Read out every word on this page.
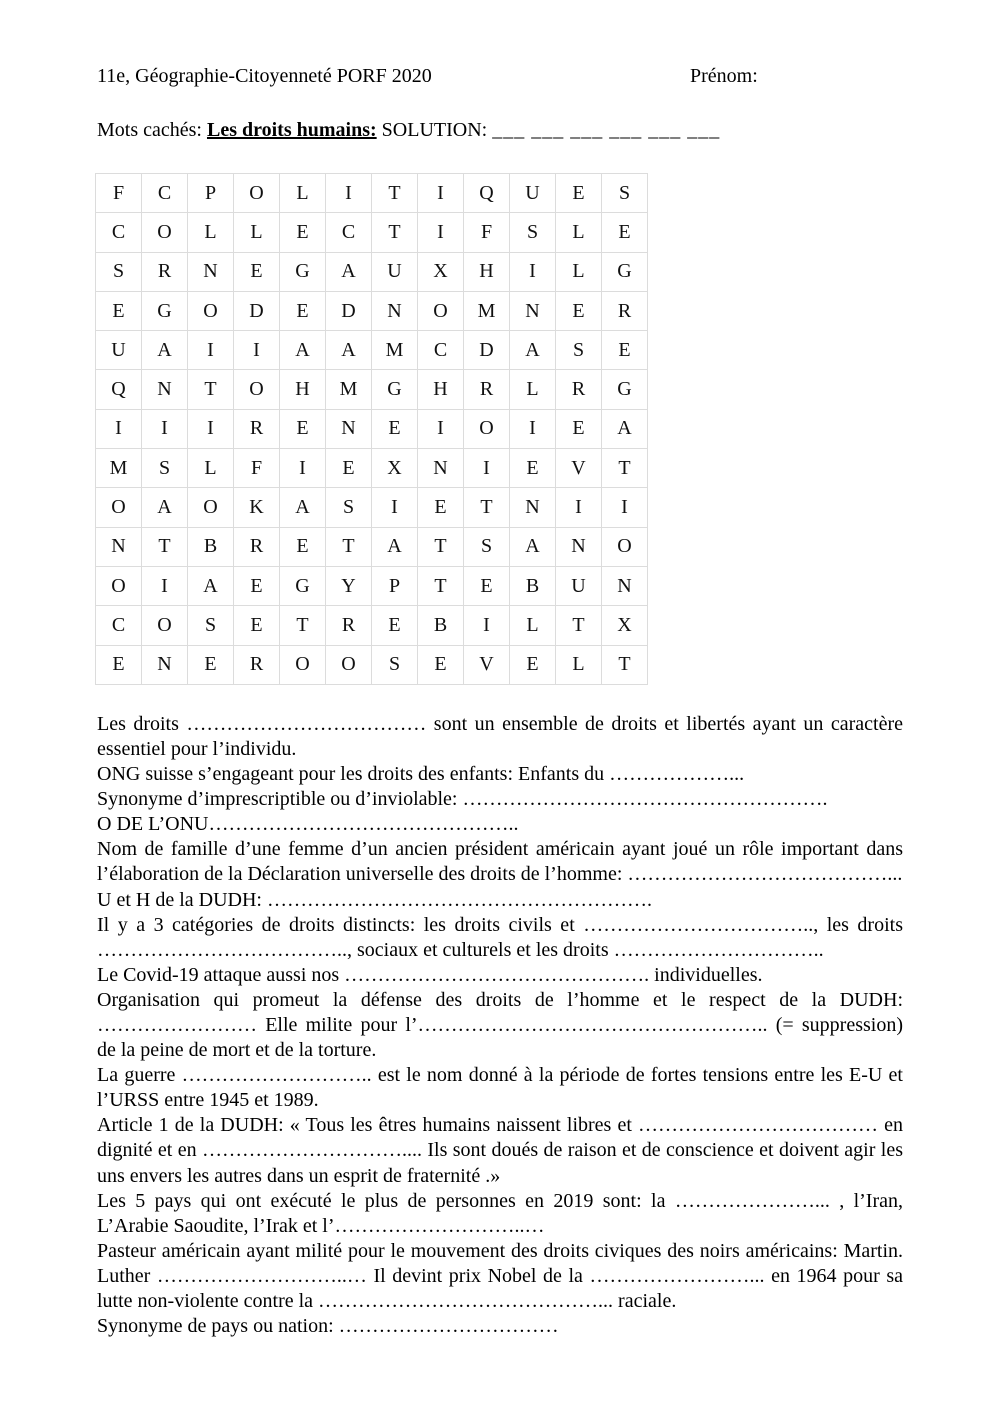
11e, Géographie-Citoyenneté PORF 2020	Prénom:
Mots cachés: Les droits humains: SOLUTION: ___ ___ ___ ___ ___ ___
F	C	P	O	L	I	T	I	Q	U	E	S
C	O	L	L	E	C	T	I	F	S	L	E
S	R	N	E	G	A	U	X	H	I	L	G
E	G	O	D	E	D	N	O	M	N	E	R
U	A	I	I	A	A	M	C	D	A	S	E
Q	N	T	O	H	M	G	H	R	L	R	G
I	I	I	R	E	N	E	I	O	I	E	A
M	S	L	F	I	E	X	N	I	E	V	T
O	A	O	K	A	S	I	E	T	N	I	I
N	T	B	R	E	T	A	T	S	A	N	O
O	I	A	E	G	Y	P	T	E	B	U	N
C	O	S	E	T	R	E	B	I	L	T	X
E	N	E	R	O	O	S	E	V	E	L	T

Les droits ……………………………… sont un ensemble de droits et libertés ayant un caractère essentiel pour l’individu.

ONG suisse s’engageant pour les droits des enfants: Enfants du ………………...

Synonyme d’imprescriptible ou d’inviolable: ……………………………………………….

O DE L’ONU………………………………………..

Nom de famille d’une femme d’un ancien président américain ayant joué un rôle important dans l’élaboration de la Déclaration universelle des droits de l’homme: …………………………………...

U et H de la DUDH: ………………………………………………….

Il y a 3 catégories de droits distincts: les droits civils et …………………………….., les droits ……………………………….., sociaux et culturels et les droits …………………………..

Le Covid-19 attaque aussi nos ………………………………………. individuelles.

Organisation qui promeut la défense des droits de l’homme et le respect de la DUDH: …………………… Elle milite pour l’…………………………………………….. (= suppression) de la peine de mort et de la torture.

La guerre ……………………….. est le nom donné à la période de fortes tensions entre les E-U et l’URSS entre 1945 et 1989.

Article 1 de la DUDH: « Tous les êtres humains naissent libres et ……………………………… en dignité et en ………………………….... Ils sont doués de raison et de conscience et doivent agir les uns envers les autres dans un esprit de fraternité .»

Les 5 pays qui ont exécuté le plus de personnes en 2019 sont: la …………………... , l’Iran, L’Arabie Saoudite, l’Irak et l’………………………..…

Pasteur américain ayant milité pour le mouvement des droits civiques des noirs américains: Martin. Luther ………………………..… Il devint prix Nobel de la ……………………... en 1964 pour sa lutte non-violente contre la ……………………………………... raciale.

Synonyme de pays ou nation: ……………………………
